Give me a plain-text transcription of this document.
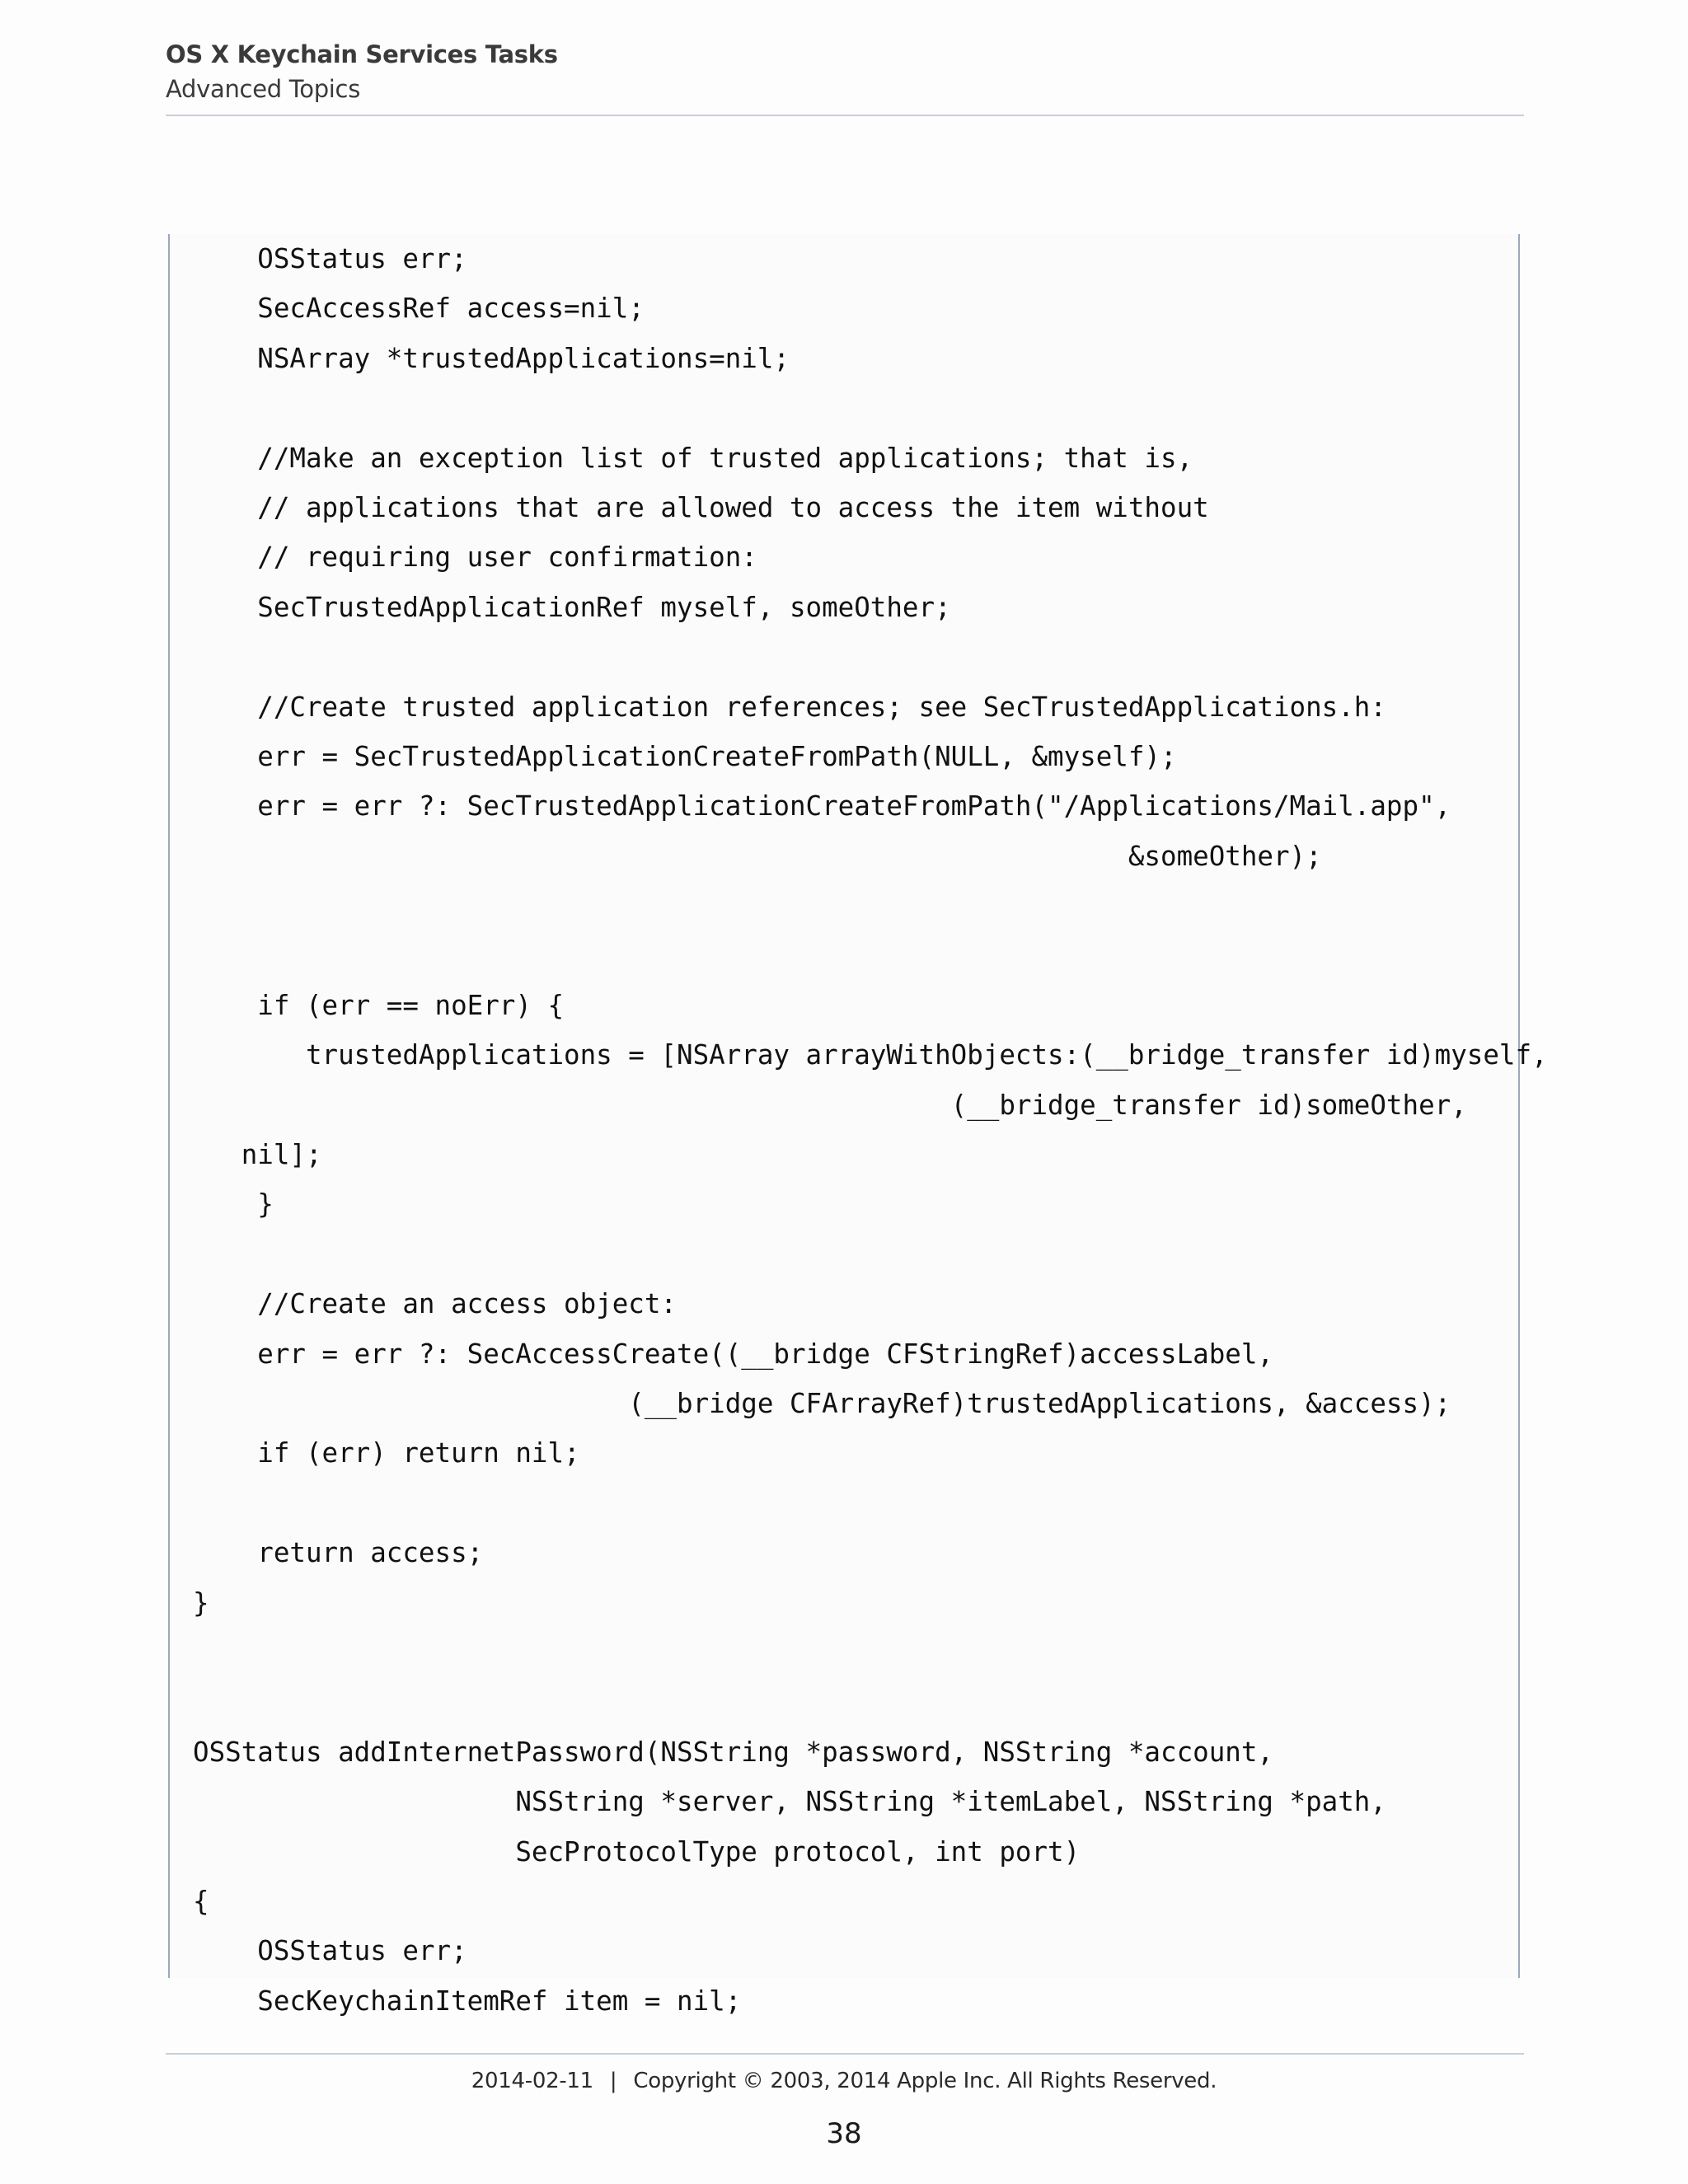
OS X Keychain Services Tasks
Advanced Topics
OSStatus err;
SecAccessRef access=nil;
NSArray *trustedApplications=nil;
//Make an exception list of trusted applications; that is,
// applications that are allowed to access the item without
// requiring user confirmation:
SecTrustedApplicationRef myself, someOther;
//Create trusted application references; see SecTrustedApplications.h:
err = SecTrustedApplicationCreateFromPath(NULL, &myself);
err = err ?: SecTrustedApplicationCreateFromPath("/Applications/Mail.app",
&someOther);
if (err == noErr) {
trustedApplications = [NSArray arrayWithObjects:(__bridge_transfer id)myself,
(__bridge_transfer id)someOther,
nil];
}
//Create an access object:
err = err ?: SecAccessCreate((__bridge CFStringRef)accessLabel,
(__bridge CFArrayRef)trustedApplications, &access);
if (err) return nil;
return access;
}
OSStatus addInternetPassword(NSString *password, NSString *account,
NSString *server, NSString *itemLabel, NSString *path,
SecProtocolType protocol, int port)
{
OSStatus err;
SecKeychainItemRef item = nil;
2014-02-11 | Copyright © 2003, 2014 Apple Inc. All Rights Reserved.
38
